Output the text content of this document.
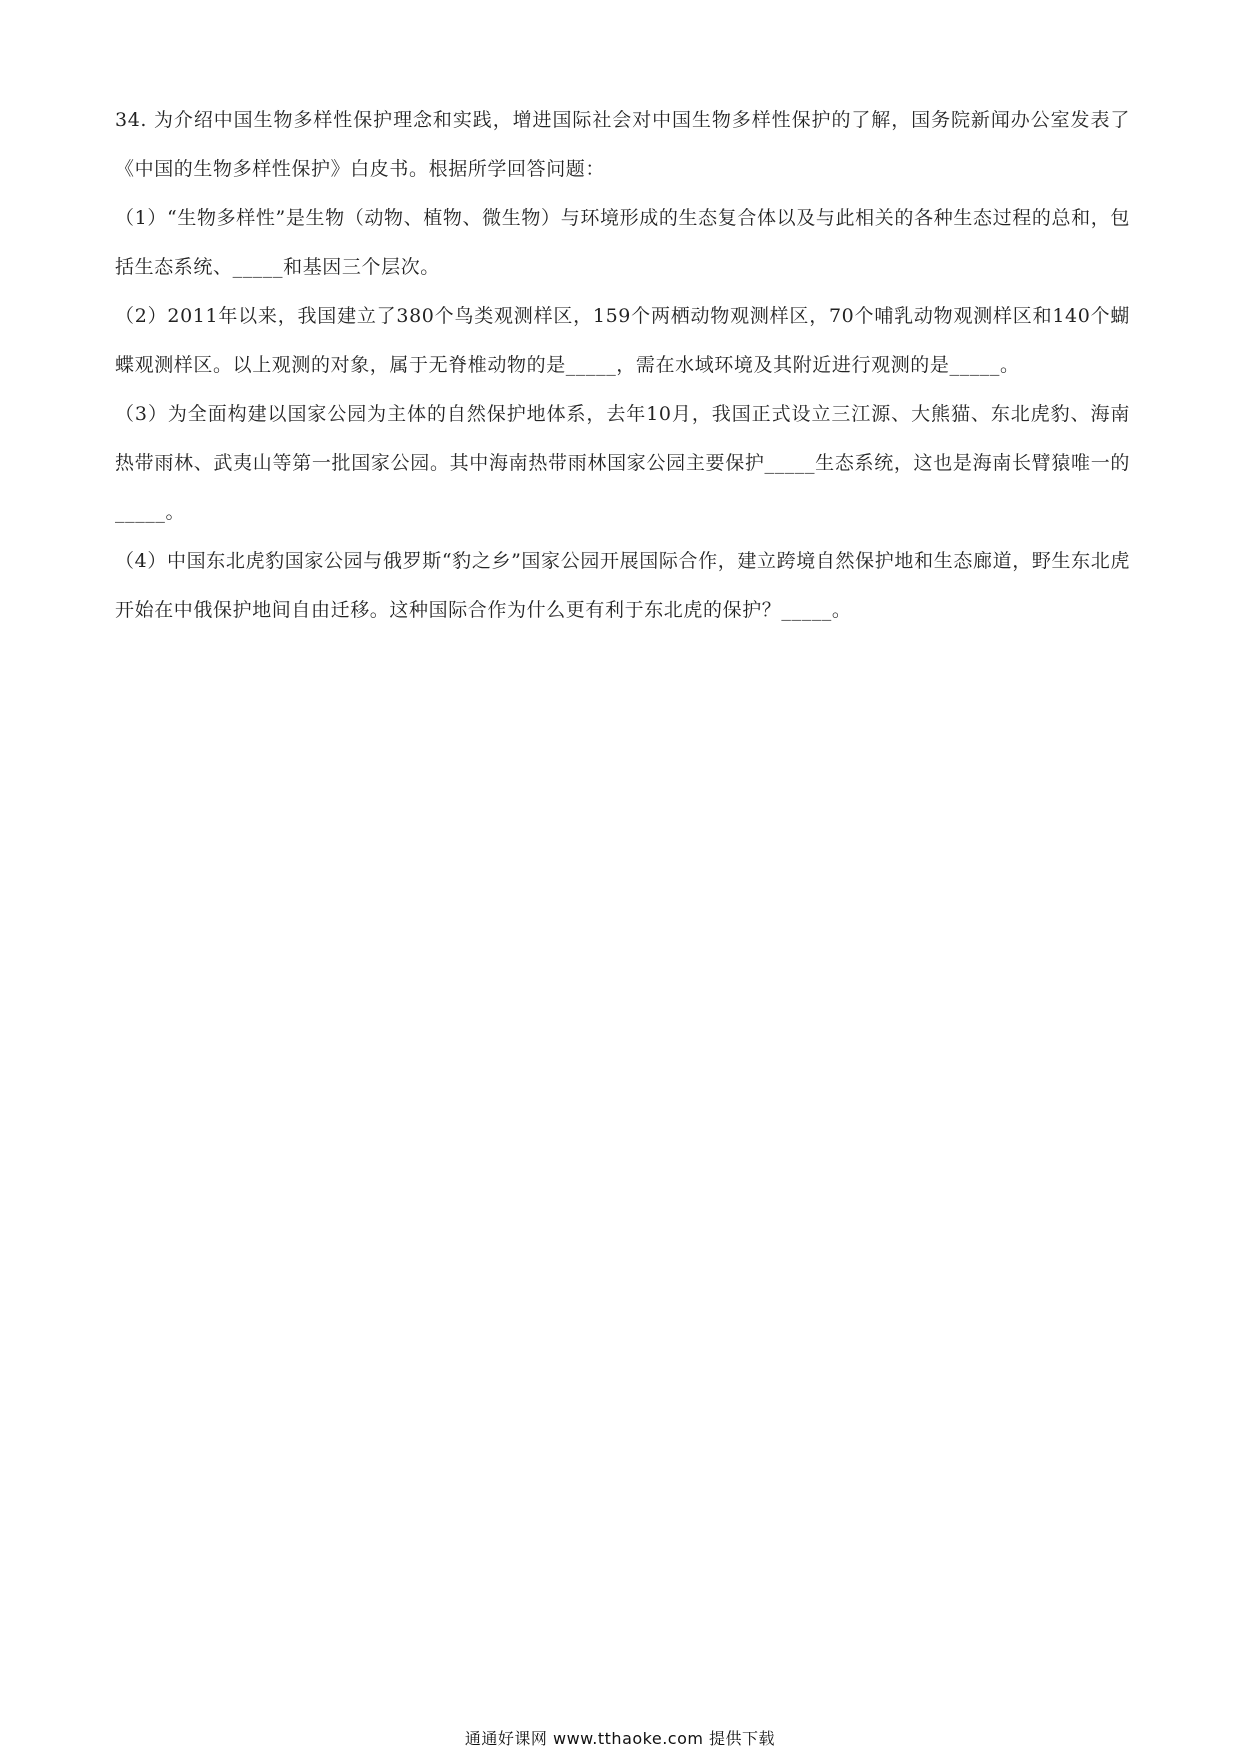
34. 为介绍中国生物多样性保护理念和实践，增进国际社会对中国生物多样性保护的了解，国务院新闻办公室发表了《中国的生物多样性保护》白皮书。根据所学回答问题：

（1）“生物多样性”是生物（动物、植物、微生物）与环境形成的生态复合体以及与此相关的各种生态过程的总和，包括生态系统、_____和基因三个层次。

（2）2011年以来，我国建立了380个鸟类观测样区，159个两栖动物观测样区，70个哺乳动物观测样区和140个蝴蝶观测样区。以上观测的对象，属于无脊椎动物的是_____，需在水域环境及其附近进行观测的是_____。

（3）为全面构建以国家公园为主体的自然保护地体系，去年10月，我国正式设立三江源、大熊猫、东北虎豹、海南热带雨林、武夷山等第一批国家公园。其中海南热带雨林国家公园主要保护_____生态系统，这也是海南长臂猿唯一的_____。

（4）中国东北虎豹国家公园与俄罗斯“豹之乡”国家公园开展国际合作，建立跨境自然保护地和生态廊道，野生东北虎开始在中俄保护地间自由迁移。这种国际合作为什么更有利于东北虎的保护？_____。

通通好课网 www.tthaoke.com 提供下载
